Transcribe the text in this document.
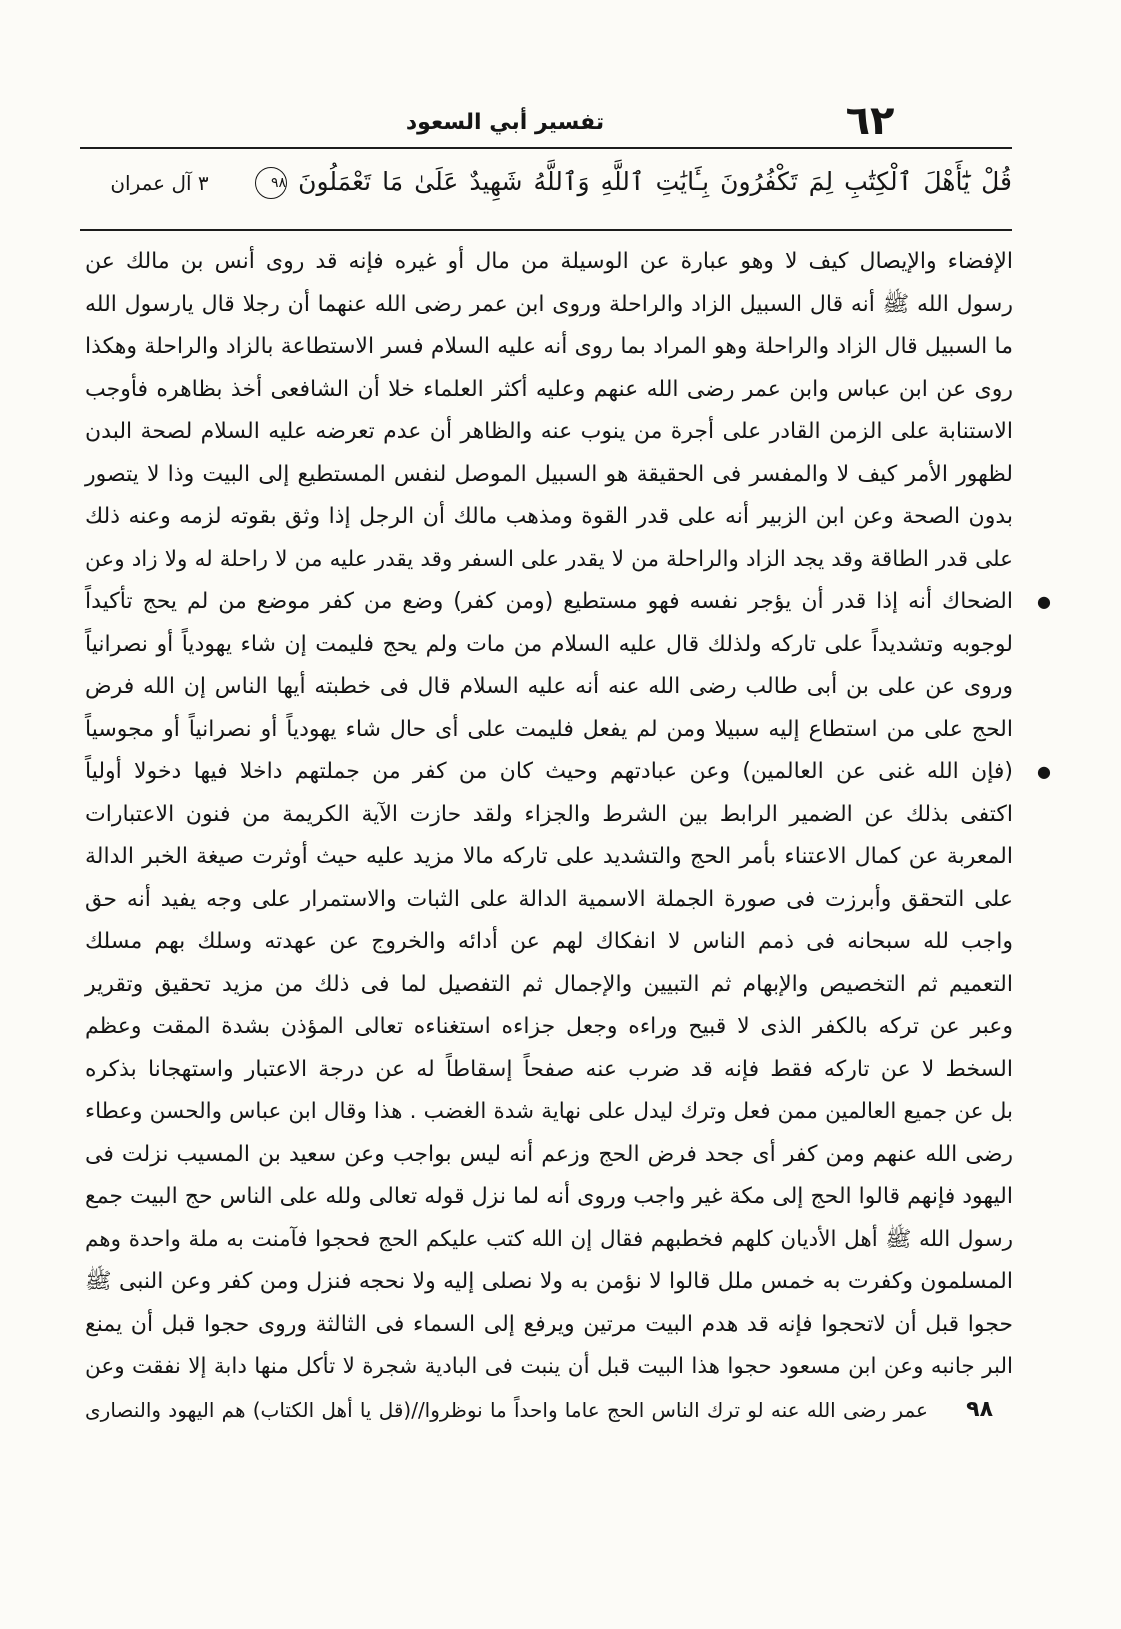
٦٢
تفسير أبي السعود
قُلْ يَٰٓأَهْلَ ٱلْكِتَٰبِ لِمَ تَكْفُرُونَ بِـَٔايَٰتِ ٱللَّهِ وَٱللَّهُ شَهِيدٌ عَلَىٰ مَا تَعْمَلُونَ ٩٨
٣ آل عمران
الإفضاء والإيصال كيف لا وهو عبارة عن الوسيلة من مال أو غيره فإنه قد روى أنس بن مالك عن
رسول الله ﷺ أنه قال السبيل الزاد والراحلة وروى ابن عمر رضى الله عنهما أن رجلا قال يارسول الله
ما السبيل قال الزاد والراحلة وهو المراد بما روى أنه عليه السلام فسر الاستطاعة بالزاد والراحلة وهكذا
روى عن ابن عباس وابن عمر رضى الله عنهم وعليه أكثر العلماء خلا أن الشافعى أخذ بظاهره فأوجب
الاستنابة على الزمن القادر على أجرة من ينوب عنه والظاهر أن عدم تعرضه عليه السلام لصحة البدن
لظهور الأمر كيف لا والمفسر فى الحقيقة هو السبيل الموصل لنفس المستطيع إلى البيت وذا لا يتصور
بدون الصحة وعن ابن الزبير أنه على قدر القوة ومذهب مالك أن الرجل إذا وثق بقوته لزمه وعنه ذلك
على قدر الطاقة وقد يجد الزاد والراحلة من لا يقدر على السفر وقد يقدر عليه من لا راحلة له ولا زاد وعن
الضحاك أنه إذا قدر أن يؤجر نفسه فهو مستطيع (ومن كفر) وضع من كفر موضع من لم يحج تأكيداً ●
لوجوبه وتشديداً على تاركه ولذلك قال عليه السلام من مات ولم يحج فليمت إن شاء يهودياً أو نصرانياً
وروى عن على بن أبى طالب رضى الله عنه أنه عليه السلام قال فى خطبته أيها الناس إن الله فرض
الحج على من استطاع إليه سبيلا ومن لم يفعل فليمت على أى حال شاء يهودياً أو نصرانياً أو مجوسياً
(فإن الله غنى عن العالمين) وعن عبادتهم وحيث كان من كفر من جملتهم داخلا فيها دخولا أولياً ●
اكتفى بذلك عن الضمير الرابط بين الشرط والجزاء ولقد حازت الآية الكريمة من فنون الاعتبارات
المعربة عن كمال الاعتناء بأمر الحج والتشديد على تاركه مالا مزيد عليه حيث أوثرت صيغة الخبر الدالة
على التحقق وأبرزت فى صورة الجملة الاسمية الدالة على الثبات والاستمرار على وجه يفيد أنه حق
واجب لله سبحانه فى ذمم الناس لا انفكاك لهم عن أدائه والخروج عن عهدته وسلك بهم مسلك
التعميم ثم التخصيص والإبهام ثم التبيين والإجمال ثم التفصيل لما فى ذلك من مزيد تحقيق وتقرير
وعبر عن تركه بالكفر الذى لا قبيح وراءه وجعل جزاءه استغناءه تعالى المؤذن بشدة المقت وعظم
السخط لا عن تاركه فقط فإنه قد ضرب عنه صفحاً إسقاطاً له عن درجة الاعتبار واستهجانا بذكره
بل عن جميع العالمين ممن فعل وترك ليدل على نهاية شدة الغضب . هذا وقال ابن عباس والحسن وعطاء
رضى الله عنهم ومن كفر أى جحد فرض الحج وزعم أنه ليس بواجب وعن سعيد بن المسيب نزلت فى
اليهود فإنهم قالوا الحج إلى مكة غير واجب وروى أنه لما نزل قوله تعالى ولله على الناس حج البيت جمع
رسول الله ﷺ أهل الأديان كلهم فخطبهم فقال إن الله كتب عليكم الحج فحجوا فآمنت به ملة واحدة وهم
المسلمون وكفرت به خمس ملل قالوا لا نؤمن به ولا نصلى إليه ولا نحجه فنزل ومن كفر وعن النبى ﷺ
حجوا قبل أن لاتحجوا فإنه قد هدم البيت مرتين ويرفع إلى السماء فى الثالثة وروى حجوا قبل أن يمنع
البر جانبه وعن ابن مسعود حجوا هذا البيت قبل أن ينبت فى البادية شجرة لا تأكل منها دابة إلا نفقت وعن
عمر رضى الله عنه لو ترك الناس الحج عاما واحداً ما نوظروا//(قل يا أهل الكتاب) هم اليهود والنصارى ٩٨
